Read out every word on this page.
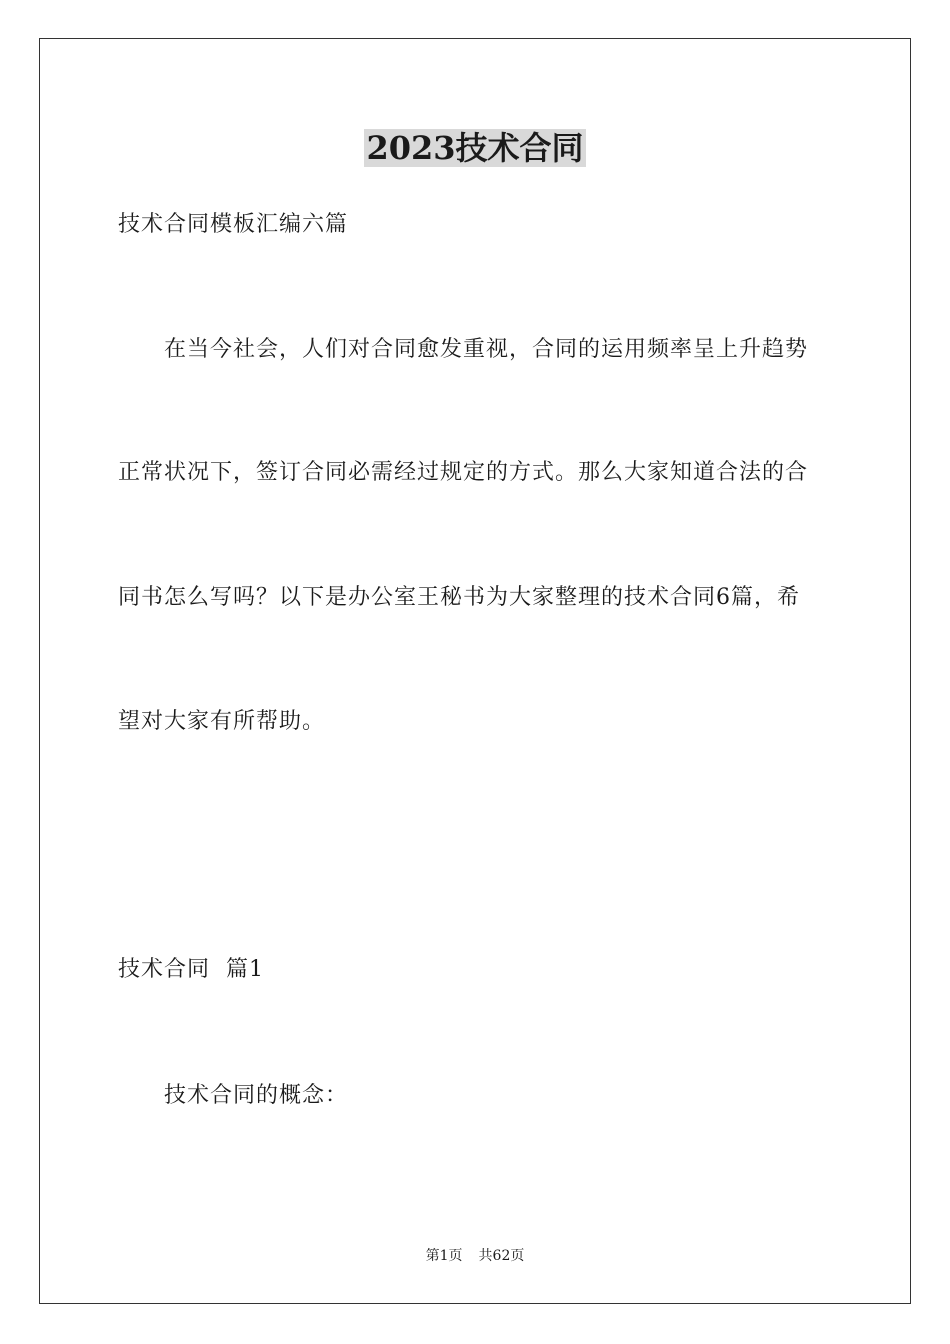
2023技术合同
技术合同模板汇编六篇
在当今社会，人们对合同愈发重视，合同的运用频率呈上升趋势
正常状况下，签订合同必需经过规定的方式。那么大家知道合法的合
同书怎么写吗？以下是办公室王秘书为大家整理的技术合同6篇，希
望对大家有所帮助。
技术合同  篇1
技术合同的概念：
第1页 共62页
